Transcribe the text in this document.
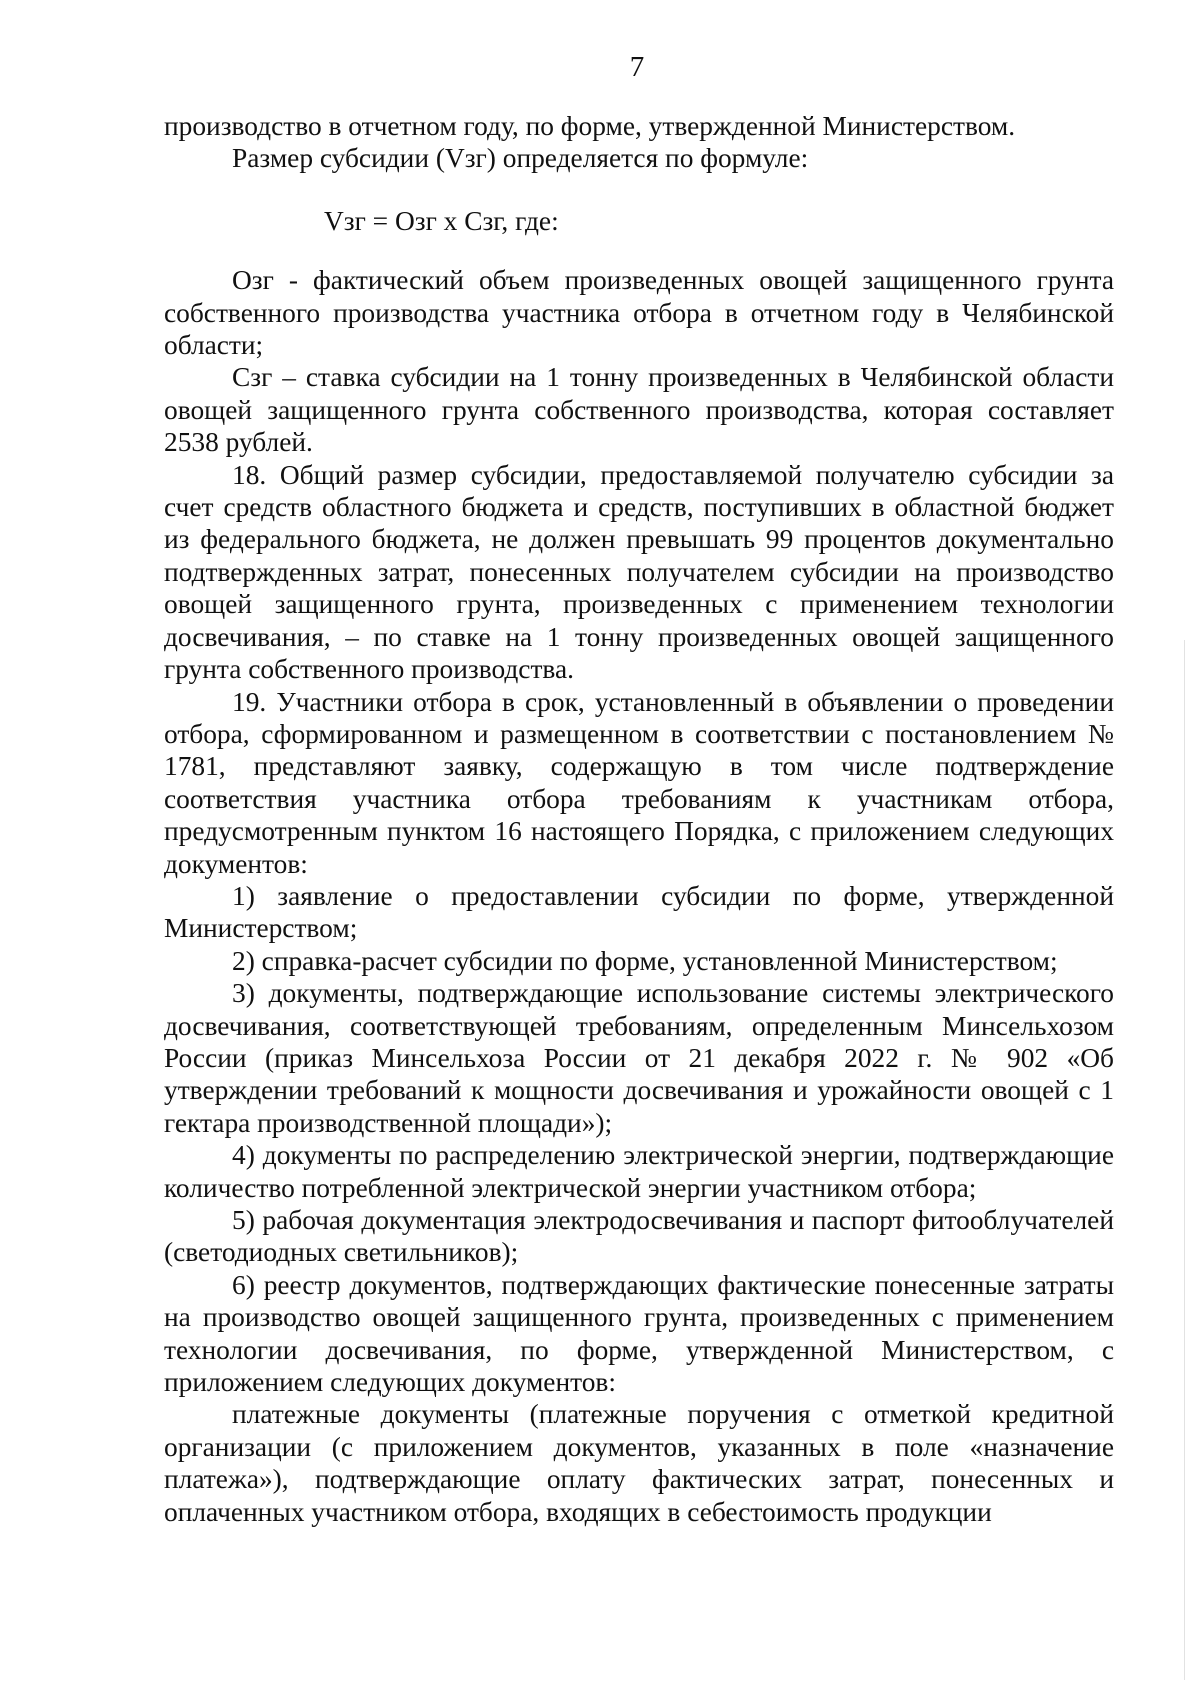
7

производство в отчетном году, по форме, утвержденной Министерством.

Размер субсидии (Vзг) определяется по формуле:

Vзг = Озг х Сзг, где:

Озг - фактический объем произведенных овощей защищенного грунта собственного производства участника отбора в отчетном году в Челябинской области;

Сзг – ставка субсидии на 1 тонну произведенных в Челябинской области овощей защищенного грунта собственного производства, которая составляет 2538 рублей.

18. Общий размер субсидии, предоставляемой получателю субсидии за счет средств областного бюджета и средств, поступивших в областной бюджет из федерального бюджета, не должен превышать 99 процентов документально подтвержденных затрат, понесенных получателем субсидии на производство овощей защищенного грунта, произведенных с применением технологии досвечивания, – по ставке на 1 тонну произведенных овощей защищенного грунта собственного производства.

19. Участники отбора в срок, установленный в объявлении о проведении отбора, сформированном и размещенном в соответствии с постановлением № 1781, представляют заявку, содержащую в том числе подтверждение соответствия участника отбора требованиям к участникам отбора, предусмотренным пунктом 16 настоящего Порядка, с приложением следующих документов:

1) заявление о предоставлении субсидии по форме, утвержденной Министерством;

2) справка-расчет субсидии по форме, установленной Министерством;

3) документы, подтверждающие использование системы электрического досвечивания, соответствующей требованиям, определенным Минсельхозом России (приказ Минсельхоза России от 21 декабря 2022 г. № 902 «Об утверждении требований к мощности досвечивания и урожайности овощей с 1 гектара производственной площади»);

4) документы по распределению электрической энергии, подтверждающие количество потребленной электрической энергии участником отбора;

5) рабочая документация электродосвечивания и паспорт фитооблучателей (светодиодных светильников);

6) реестр документов, подтверждающих фактические понесенные затраты на производство овощей защищенного грунта, произведенных с применением технологии досвечивания, по форме, утвержденной Министерством, с приложением следующих документов:

платежные документы (платежные поручения с отметкой кредитной организации (с приложением документов, указанных в поле «назначение платежа»), подтверждающие оплату фактических затрат, понесенных и оплаченных участником отбора, входящих в себестоимость продукции
